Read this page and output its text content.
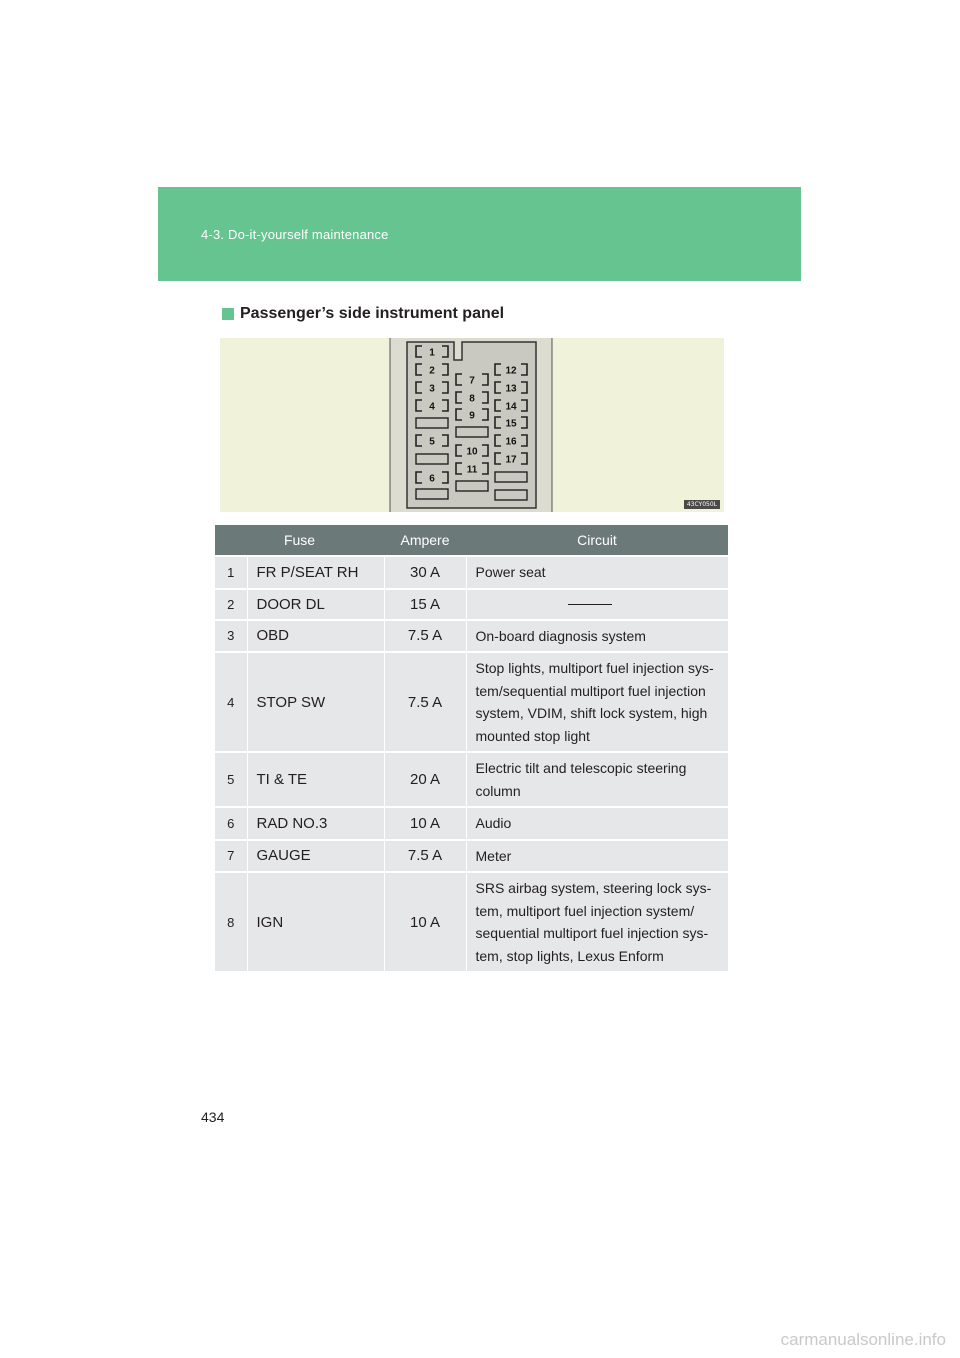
4-3. Do-it-yourself maintenance
Passenger’s side instrument panel
1
2
3
4
5
6
7
8
9
10
11
12
13
14
15
16
17
43CY050L
Fuse		Ampere	Circuit
1	FR P/SEAT RH	30 A	Power seat
2	DOOR DL	15 A	

3	OBD	7.5 A	On-board diagnosis system
4	STOP SW	7.5 A	Stop lights, multiport fuel injection sys-tem/sequential multiport fuel injection system, VDIM, shift lock system, high mounted stop light
5	TI & TE	20 A	Electric tilt and telescopic steering column
6	RAD NO.3	10 A	Audio
7	GAUGE	7.5 A	Meter
8	IGN	10 A	SRS airbag system, steering lock sys-tem, multiport fuel injection system/ sequential multiport fuel injection sys-tem, stop lights, Lexus Enform
434
carmanualsonline.info
